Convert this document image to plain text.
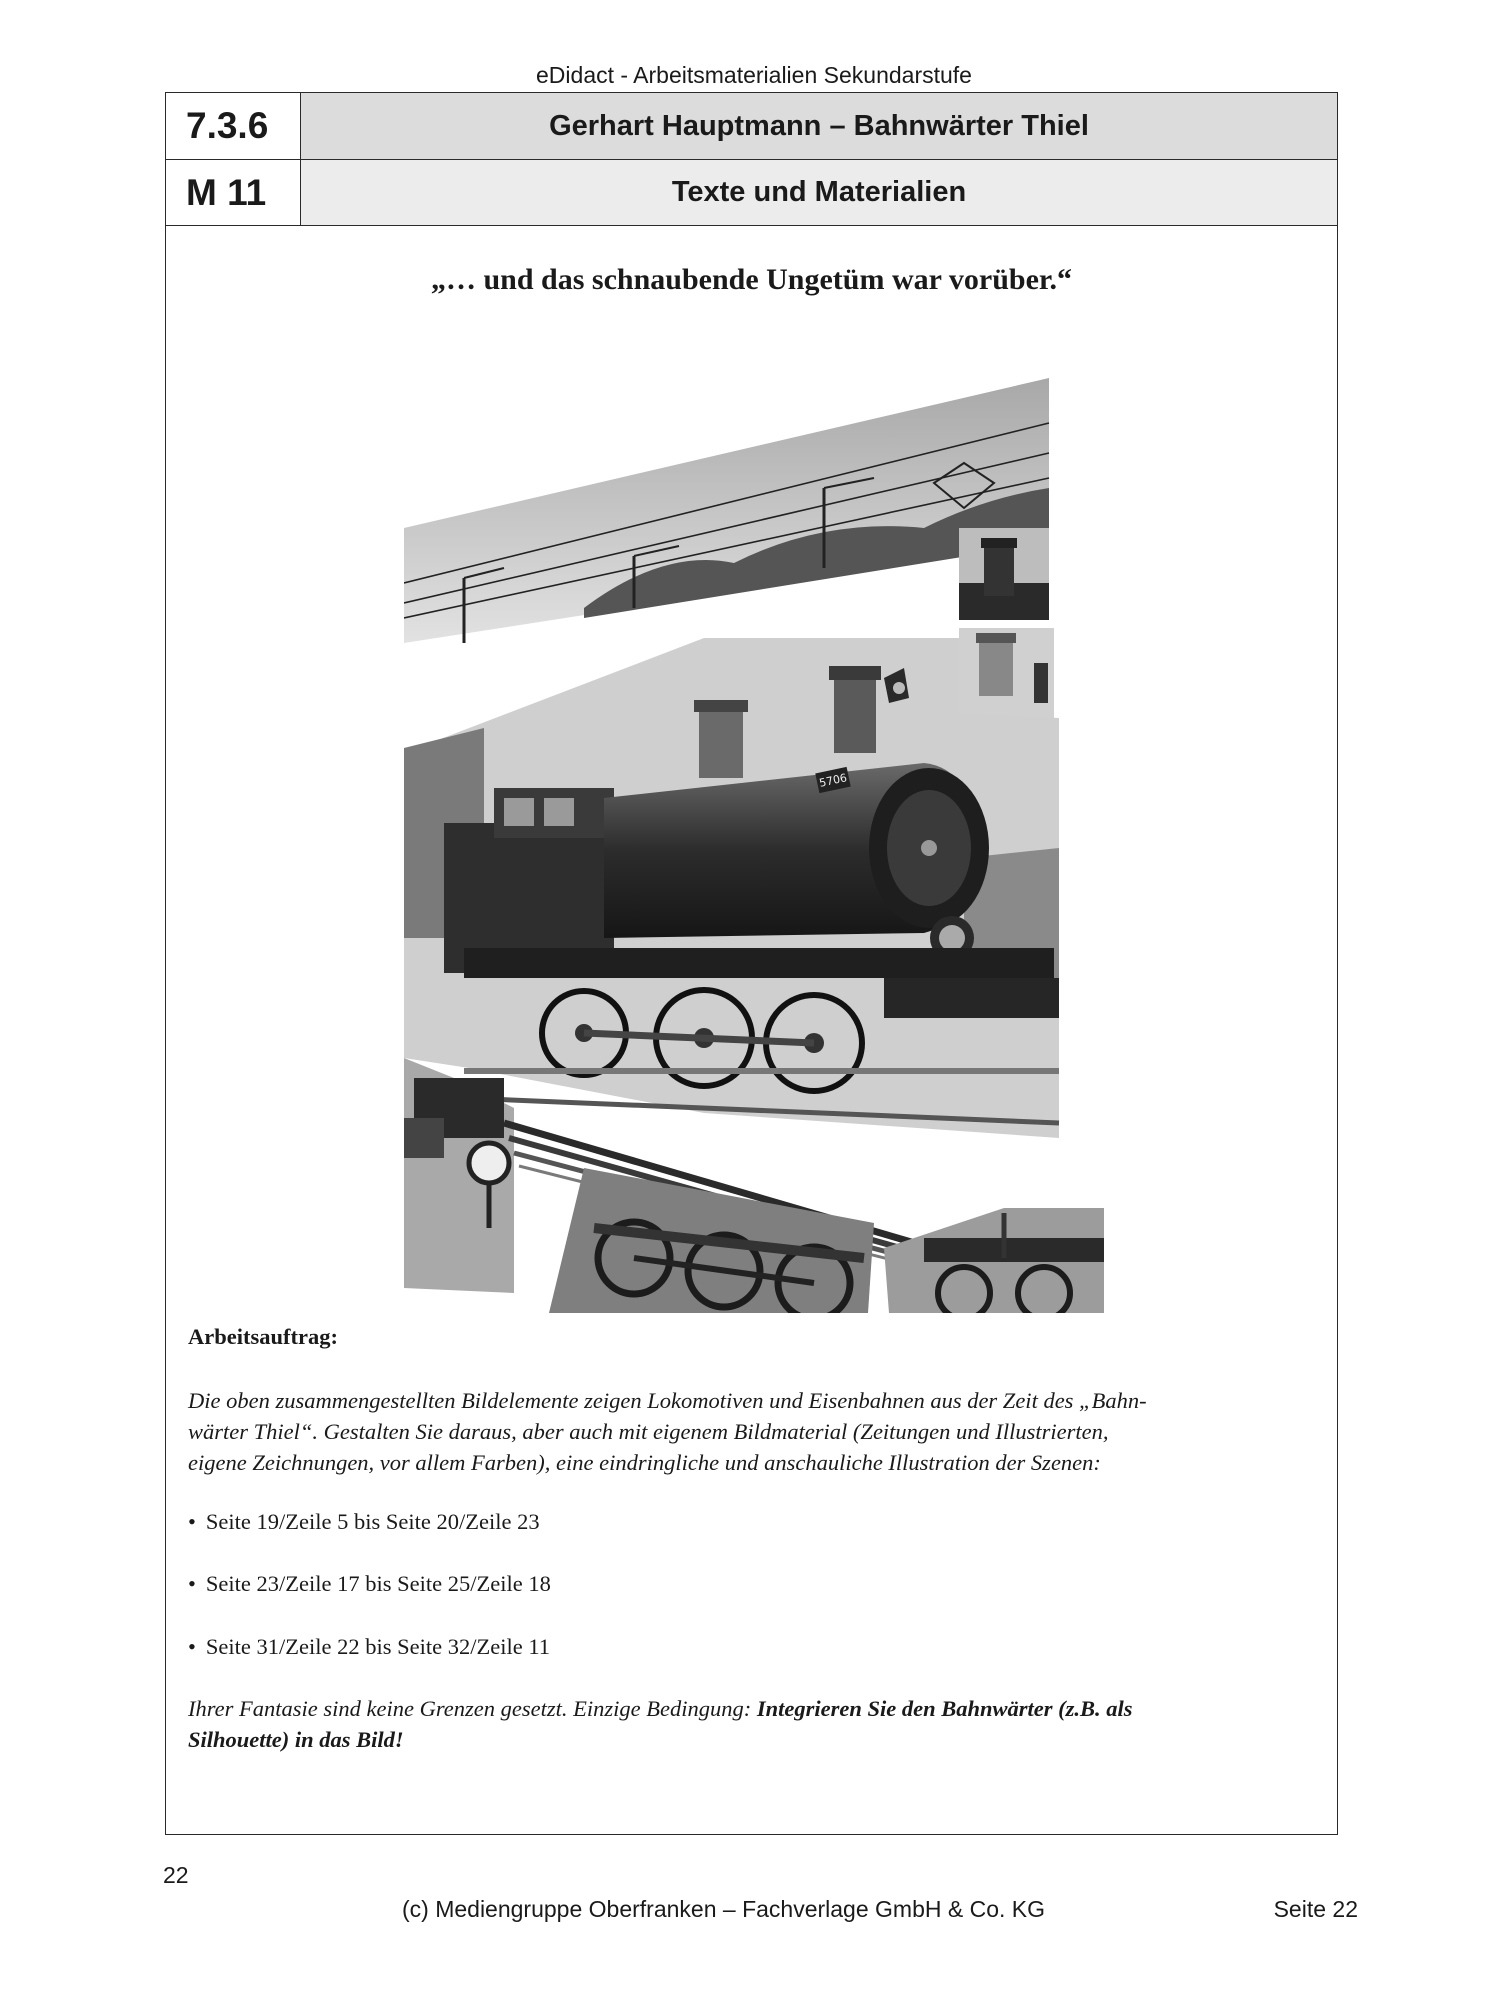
eDidact - Arbeitsmaterialien Sekundarstufe
7.3.6	Gerhart Hauptmann – Bahnwärter Thiel
M 11	Texte und Materialien
„… und das schnaubende Ungetüm war vorüber.“
5706
Arbeitsauftrag:
Die oben zusammengestellten Bildelemente zeigen Lokomotiven und Eisenbahnen aus der Zeit des „Bahn-
wärter Thiel“. Gestalten Sie daraus, aber auch mit eigenem Bildmaterial (Zeitungen und Illustrierten,
eigene Zeichnungen, vor allem Farben), eine eindringliche und anschauliche Illustration der Szenen:
• Seite 19/Zeile 5 bis Seite 20/Zeile 23
• Seite 23/Zeile 17 bis Seite 25/Zeile 18
• Seite 31/Zeile 22 bis Seite 32/Zeile 11
Ihrer Fantasie sind keine Grenzen gesetzt. Einzige Bedingung: Integrieren Sie den Bahnwärter (z.B. als
Silhouette) in das Bild!
22
(c) Mediengruppe Oberfranken – Fachverlage GmbH & Co. KG	Seite 22
